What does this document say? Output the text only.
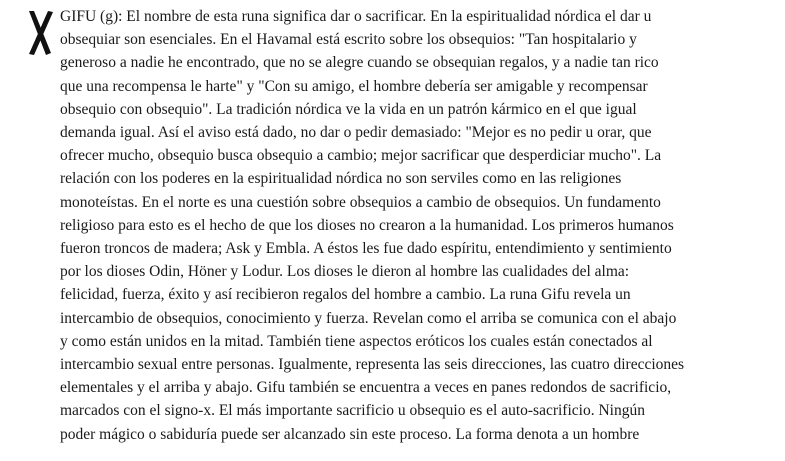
GIFU (g): El nombre de esta runa significa dar o sacrificar. En la espiritualidad nórdica el dar u
obsequiar son esenciales. En el Havamal está escrito sobre los obsequios: "Tan hospitalario y
generoso a nadie he encontrado, que no se alegre cuando se obsequian regalos, y a nadie tan rico
que una recompensa le harte" y "Con su amigo, el hombre debería ser amigable y recompensar
obsequio con obsequio". La tradición nórdica ve la vida en un patrón kármico en el que igual
demanda igual. Así el aviso está dado, no dar o pedir demasiado: "Mejor es no pedir u orar, que
ofrecer mucho, obsequio busca obsequio a cambio; mejor sacrificar que desperdiciar mucho". La
relación con los poderes en la espiritualidad nórdica no son serviles como en las religiones
monoteístas. En el norte es una cuestión sobre obsequios a cambio de obsequios. Un fundamento
religioso para esto es el hecho de que los dioses no crearon a la humanidad. Los primeros humanos
fueron troncos de madera; Ask y Embla. A éstos les fue dado espíritu, entendimiento y sentimiento
por los dioses Odin, Höner y Lodur. Los dioses le dieron al hombre las cualidades del alma:
felicidad, fuerza, éxito y así recibieron regalos del hombre a cambio. La runa Gifu revela un
intercambio de obsequios, conocimiento y fuerza. Revelan como el arriba se comunica con el abajo
y como están unidos en la mitad. También tiene aspectos eróticos los cuales están conectados al
intercambio sexual entre personas. Igualmente, representa las seis direcciones, las cuatro direcciones
elementales y el arriba y abajo. Gifu también se encuentra a veces en panes redondos de sacrificio,
marcados con el signo-x. El más importante sacrificio u obsequio es el auto-sacrificio. Ningún
poder mágico o sabiduría puede ser alcanzado sin este proceso. La forma denota a un hombre
